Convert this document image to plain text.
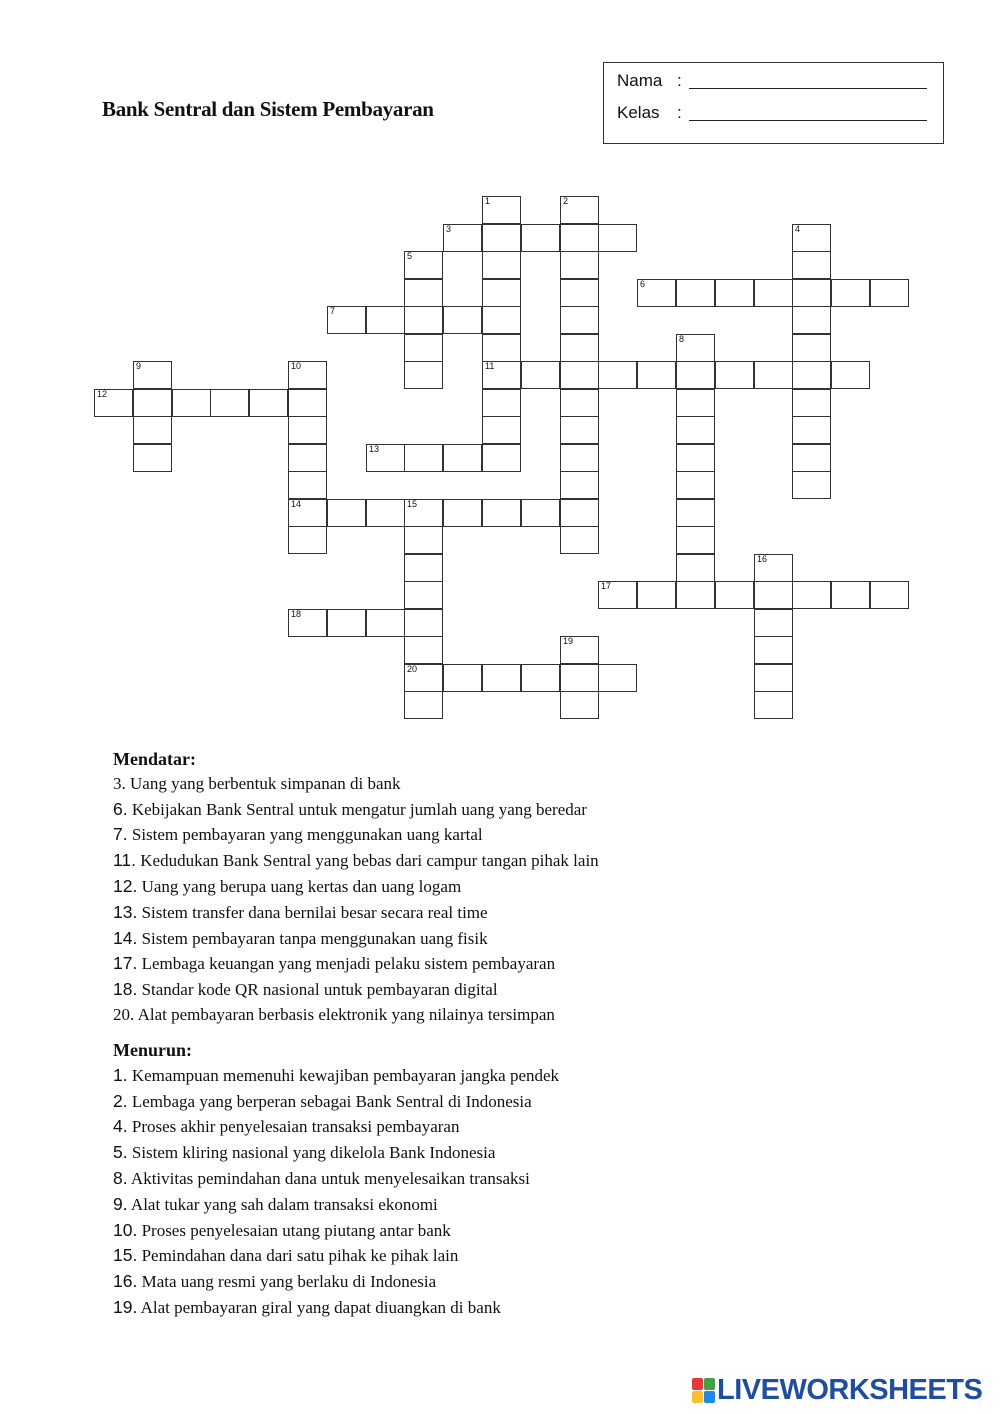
Bank Sentral dan Sistem Pembayaran
Nama :
Kelas :
1
11
2
3	4
5
6
7
8
9	10
14
12
13
15
20
16
17
18
19
Mendatar:
3. Uang yang berbentuk simpanan di bank
6. Kebijakan Bank Sentral untuk mengatur jumlah uang yang beredar
7. Sistem pembayaran yang menggunakan uang kartal
11. Kedudukan Bank Sentral yang bebas dari campur tangan pihak lain
12. Uang yang berupa uang kertas dan uang logam
13. Sistem transfer dana bernilai besar secara real time
14. Sistem pembayaran tanpa menggunakan uang fisik
17. Lembaga keuangan yang menjadi pelaku sistem pembayaran
18. Standar kode QR nasional untuk pembayaran digital
20. Alat pembayaran berbasis elektronik yang nilainya tersimpan
Menurun:
1. Kemampuan memenuhi kewajiban pembayaran jangka pendek
2. Lembaga yang berperan sebagai Bank Sentral di Indonesia
4. Proses akhir penyelesaian transaksi pembayaran
5. Sistem kliring nasional yang dikelola Bank Indonesia
8. Aktivitas pemindahan dana untuk menyelesaikan transaksi
9. Alat tukar yang sah dalam transaksi ekonomi
10. Proses penyelesaian utang piutang antar bank
15. Pemindahan dana dari satu pihak ke pihak lain
16. Mata uang resmi yang berlaku di Indonesia
19. Alat pembayaran giral yang dapat diuangkan di bank
LIVEWORKSHEETS
